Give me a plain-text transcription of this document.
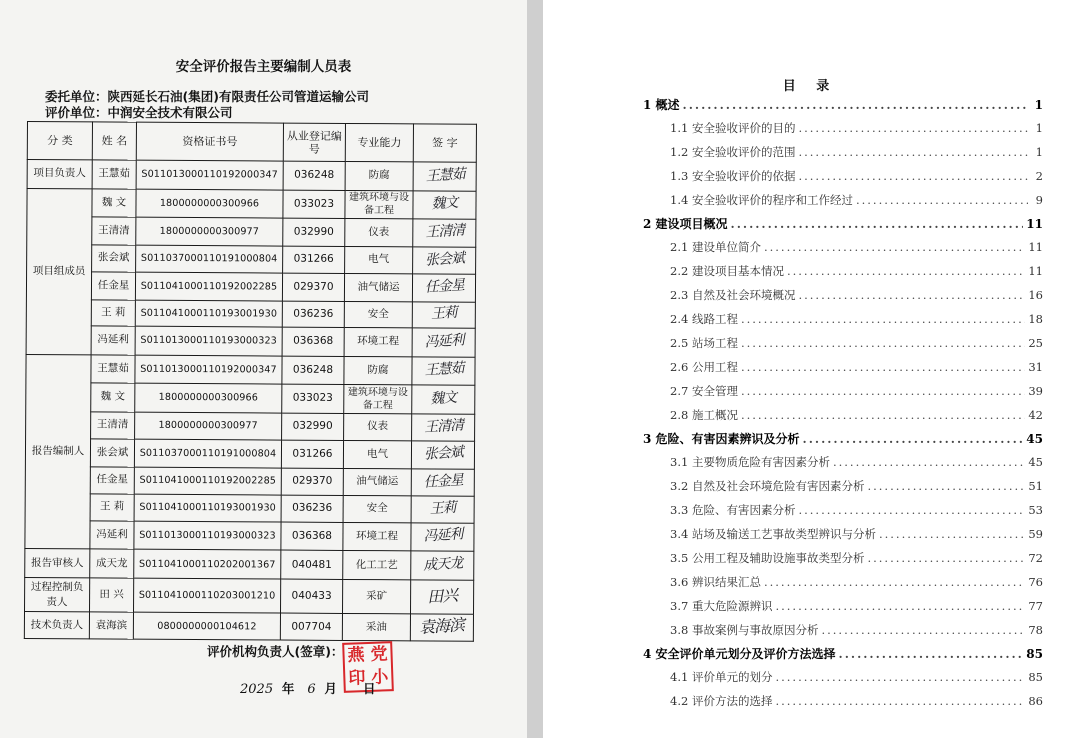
安全评价报告主要编制人员表
委托单位：陕西延长石油(集团)有限责任公司管道运输公司
评价单位：中润安全技术有限公司
分 类	姓 名	资格证书号	从业登记编号	专业能力	签 字
项目负责人	王慧茹	S011013000110192000347	036248	防腐	王慧茹
项目组成员	魏 文	1800000000300966	033023	建筑环境与设备工程	魏文
	王清清	1800000000300977	032990	仪表	王清清
	张会斌	S011037000110191000804	031266	电气	张会斌
	任金星	S011041000110192002285	029370	油气储运	任金星
	王 莉	S011041000110193001930	036236	安全	王莉
	冯延利	S011013000110193000323	036368	环境工程	冯延利
报告编制人	王慧茹	S011013000110192000347	036248	防腐	王慧茹
	魏 文	1800000000300966	033023	建筑环境与设备工程	魏文
	王清清	1800000000300977	032990	仪表	王清清
	张会斌	S011037000110191000804	031266	电气	张会斌
	任金星	S011041000110192002285	029370	油气储运	任金星
	王 莉	S011041000110193001930	036236	安全	王莉
	冯延利	S011013000110193000323	036368	环境工程	冯延利
报告审核人	成天龙	S011041000110202001367	040481	化工工艺	成天龙
过程控制负责人	田 兴	S011041000110203001210	040433	采矿	田兴
技术负责人	袁海滨	0800000000104612	007704	采油	袁海滨
评价机构负责人(签章)： 燕 党
印 小
2025 年 6 月 日
目 录
1 概述 .....	1
1.1 安全验收评价的目的 .....	1
1.2 安全验收评价的范围 .....	1
1.3 安全验收评价的依据 .....	2
1.4 安全验收评价的程序和工作经过 .....	9
2 建设项目概况 .....	11
2.1 建设单位简介 .....	11
2.2 建设项目基本情况 .....	11
2.3 自然及社会环境概况 .....	16
2.4 线路工程 .....	18
2.5 站场工程 .....	25
2.6 公用工程 .....	31
2.7 安全管理 .....	39
2.8 施工概况 .....	42
3 危险、有害因素辨识及分析 .....	45
3.1 主要物质危险有害因素分析 .....	45
3.2 自然及社会环境危险有害因素分析 .....	51
3.3 危险、有害因素分析 .....	53
3.4 站场及输送工艺事故类型辨识与分析 .....	59
3.5 公用工程及辅助设施事故类型分析 .....	72
3.6 辨识结果汇总 .....	76
3.7 重大危险源辨识 .....	77
3.8 事故案例与事故原因分析 .....	78
4 安全评价单元划分及评价方法选择 .....	85
4.1 评价单元的划分 .....	85
4.2 评价方法的选择 .....	86
